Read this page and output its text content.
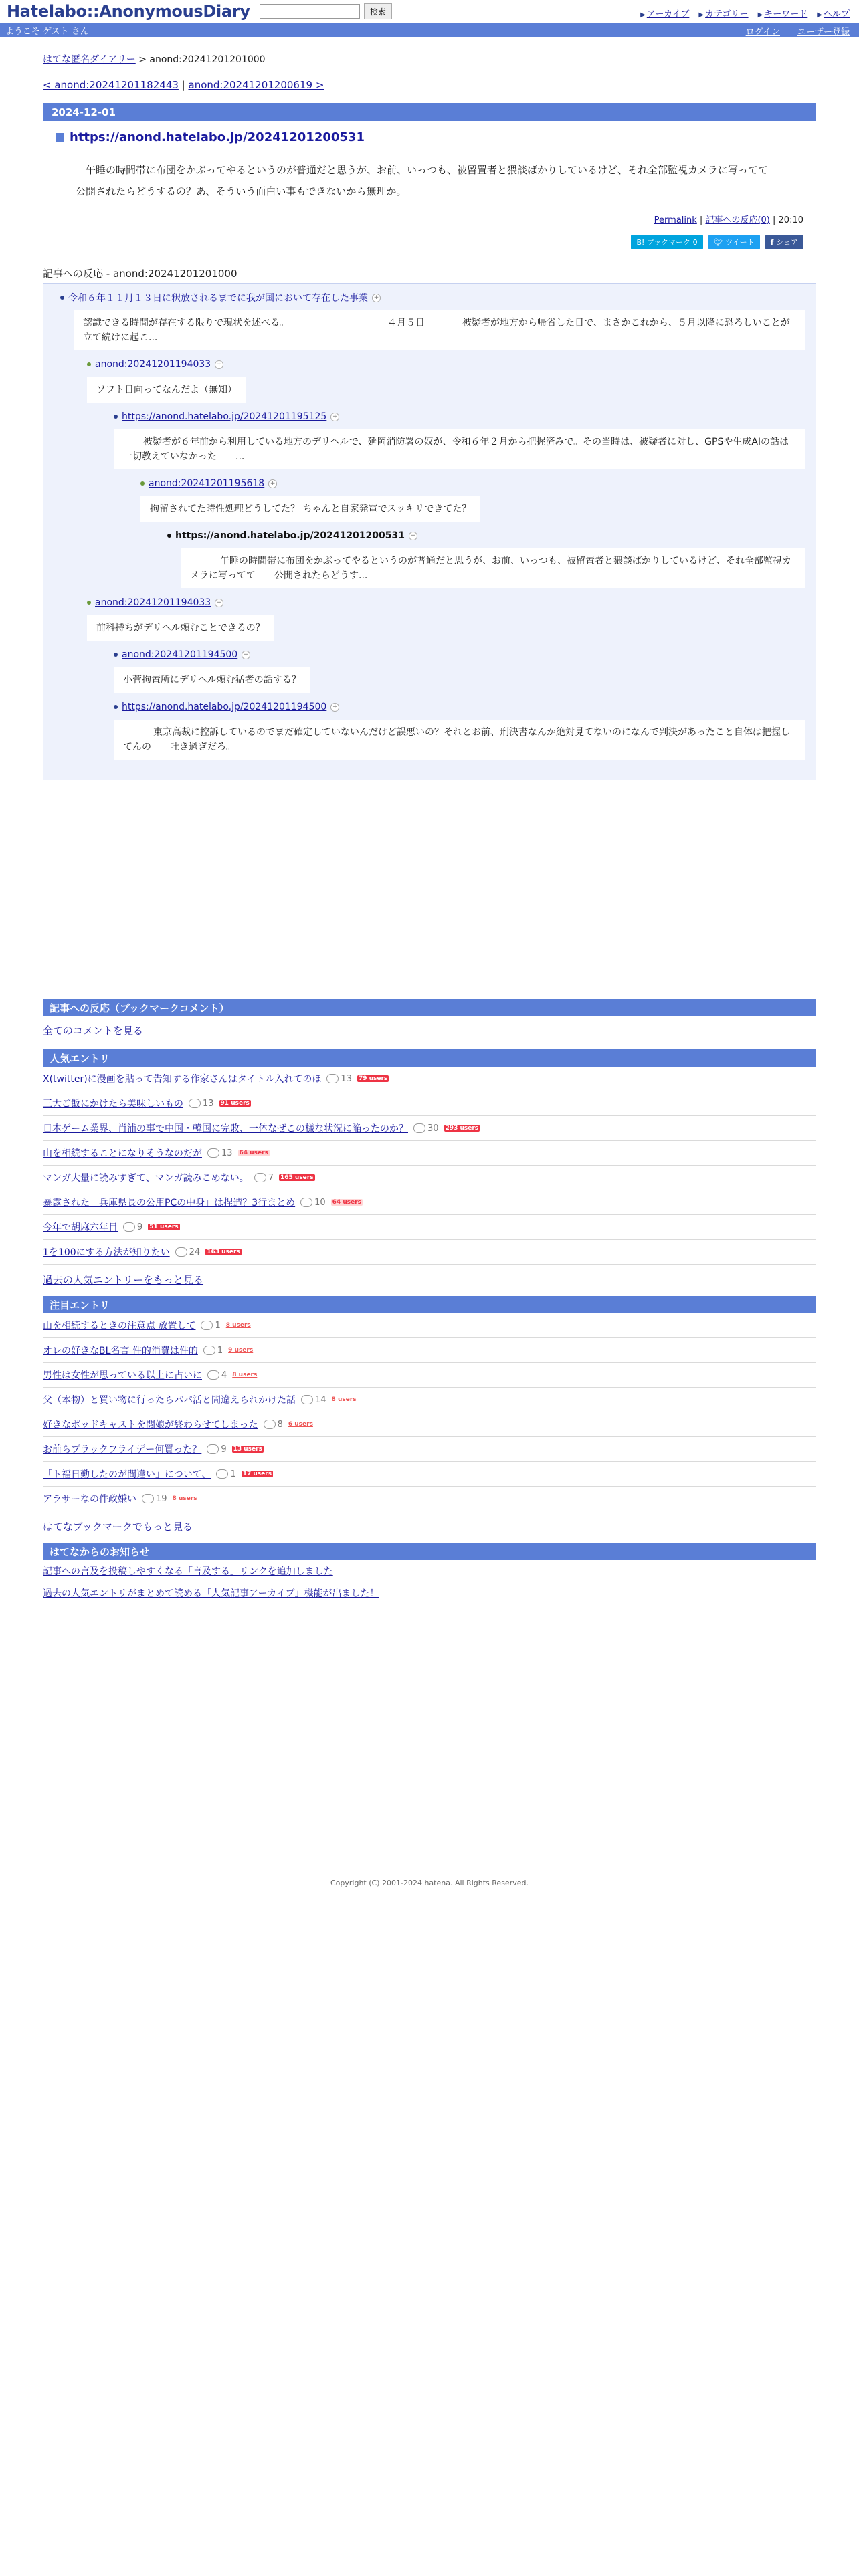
Hatelabo::AnonymousDiary	検索	▶ アーカイブ ▶ カテゴリー ▶ キーワード ▶ ヘルプ
ようこそ ゲスト さん	ログイン ユーザー登録
はてな匿名ダイアリー > anond:20241201201000
< anond:20241201182443 | anond:20241201200619 >
2024-12-01
https://anond.hatelabo.jp/20241201200531

午睡の時間帯に布団をかぶってやるというのが普通だと思うが、お前、いっつも、被留置者と猥談ばかりしているけど、それ全部監視カメラに写ってて

公開されたらどうするの？あ、そういう面白い事もできないから無理か。

Permalink | 記事への反応(0) | 20:10
B! ブックマーク 0	🐦︎ ツイート	f シェア
記事への反応 - anond:20241201201000
令和６年１１月１３日に釈放されるまでに我が国において存在した事業 +
認識できる時間が存在する限りで現状を述べる。　　　　　　　　　　　４月５日　　　　被疑者が地方から帰省した日で、まさかこれから、５月以降に恐ろしいことが立て続けに起こ...
anond:20241201194033 +
ソフト日向ってなんだよ（無知）
https://anond.hatelabo.jp/20241201195125 +
被疑者が６年前から利用している地方のデリヘルで、延岡消防署の奴が、令和６年２月から把握済みで。その当時は、被疑者に対し、GPSや生成AIの話は一切教えていなかった　　...
anond:20241201195618 +
拘留されてた時性処理どうしてた？ ちゃんと自家発電でスッキリできてた？
https://anond.hatelabo.jp/20241201200531 +
午睡の時間帯に布団をかぶってやるというのが普通だと思うが、お前、いっつも、被留置者と猥談ばかりしているけど、それ全部監視カメラに写ってて　　公開されたらどうす...
anond:20241201194033 +
前科持ちがデリヘル頼むことできるの？
anond:20241201194500 +
小菅拘置所にデリヘル頼む猛者の話する？
https://anond.hatelabo.jp/20241201194500 +
東京高裁に控訴しているのでまだ確定していないんだけど誤悪いの？それとお前、刑決書なんか絶対見てないのになんで判決があったこと自体は把握してんの　　吐き過ぎだろ。
記事への反応（ブックマークコメント）
全てのコメントを見る
人気エントリ
X(twitter)に漫画を貼って告知する作家さんはタイトル入れてのほ 13 79 users
三大ご飯にかけたら美味しいもの 13 91 users
日本ゲーム業界、肖浦の事で中国・韓国に完敗、一体なぜこの様な状況に陥ったのか？ 30 293 users
山を相続することになりそうなのだが 13 64 users
マンガ大量に読みすぎて、マンガ読みこめない。 7 165 users
暴露された「兵庫県長の公用PCの中身」は捏造？3行まとめ 10 64 users
今年で胡麻六年目 9 51 users
1を100にする方法が知りたい 24 163 users
過去の人気エントリーをもっと見る
注目エントリ
山を相続するときの注意点 放置して 1 8 users
オレの好きなBL名言 件的消費は件的 1 9 users
男性は女性が思っている以上に占いに 4 8 users
父（本物）と買い物に行ったらパパ活と間違えられかけた話 14 8 users
好きなポッドキャストを閲娘が終わらせてしまった 8 6 users
お前らブラックフライデー何買った？ 9 13 users
「ト福日勤したのが間違い」について、 1 17 users
アラサーなの件政嫌い 19 8 users
はてなブックマークでもっと見る
はてなからのお知らせ
記事への言及を投稿しやすくなる「言及する」リンクを追加しました
過去の人気エントリがまとめて読める「人気記事アーカイブ」機能が出ました！
Copyright (C) 2001-2024 hatena. All Rights Reserved.
